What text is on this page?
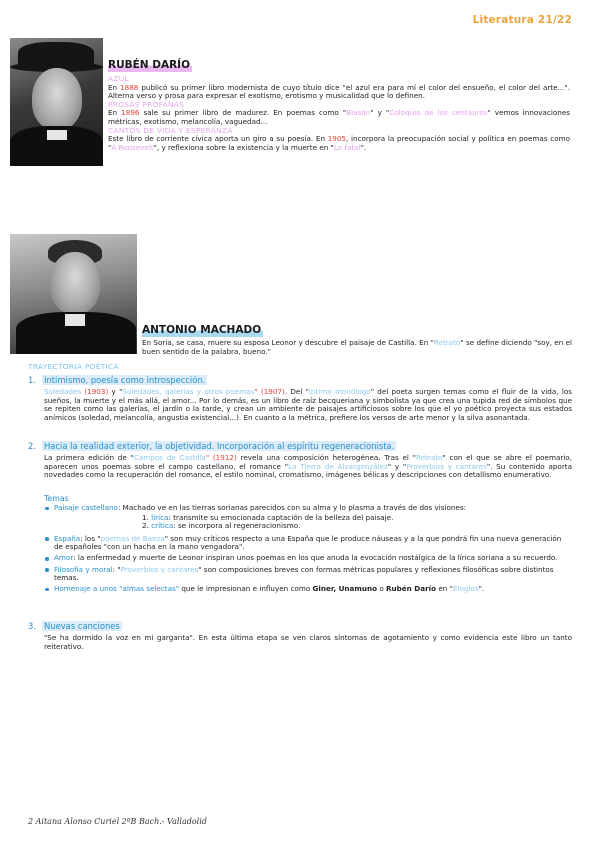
Literatura 21/22
RUBÉN DARÍO
AZUL
En 1888 publicó su primer libro modernista de cuyo título dice "el azul era para mí el color del ensueño, el color del arte...". Alterna verso y prosa para expresar el exotismo, erotismo y musicalidad que lo definen.
PROSAS PROFANAS
En 1896 sale su primer libro de madurez. En poemas como "Blasón" y "Coloquio de los centauros" vemos innovaciones métricas, exotismo, melancolía, vaguedad...
CANTOS DE VIDA Y ESPERANZA
Este libro de corriente cívica aporta un giro a su poesía. En 1905, incorpora la preocupación social y política en poemas como "A Roosevelt", y reflexiona sobre la existencia y la muerte en "Lo fatal".
ANTONIO MACHADO
En Soria, se casa, muere su esposa Leonor y descubre el paisaje de Castilla. En "Retrato" se define diciendo "soy, en el buen sentido de la palabra, bueno."
TRAYECTORIA POÉTICA
1. Intimismo, poesía como introspección.
Soledades (1903) y "Soledades, galerías y otros poemas" (1907). Del "íntimo monólogo" del poeta surgen temas como el fluir de la vida, los sueños, la muerte y el más allá, el amor... Por lo demás, es un libro de raíz becqueriana y simbolista ya que crea una tupida red de símbolos que se repiten como las galerías, el jardín o la tarde, y crean un ambiente de paisajes artificiosos sobre los que el yo poético proyecta sus estados anímicos (soledad, melancolía, angustia existencial...). En cuanto a la métrica, prefiere los versos de arte menor y la silva asonantada.
2. Hacia la realidad exterior, la objetividad. Incorporación al espíritu regeneracionista.
La primera edición de "Campos de Castilla" (1912) revela una composición heterogénea. Tras el "Retrato" con el que se abre el poemario, aparecen unos poemas sobre el campo castellano, el romance "La Tierra de Alvargonzález" y "Proverbios y cantares". Su contenido aporta novedades como la recuperación del romance, el estilo nominal, cromatismo, imágenes bélicas y descripciones con detallismo enumerativo.
Temas
Paisaje castellano: Machado ve en las tierras sorianas parecidos con su alma y lo plasma a través de dos visiones:
1. lírica: transmite su emocionada captación de la belleza del paisaje.
2. crítica: se incorpora al regeneracionismo.
España: los "poemas de Baeza" son muy críticos respecto a una España que le produce náuseas y a la que pondrá fin una nueva generación de españoles "con un hacha en la mano vengadora".
Amor: la enfermedad y muerte de Leonor inspiran unos poemas en los que anuda la evocación nostálgica de la lírica soriana a su recuerdo.
Filosofía y moral: "Proverbios y cantares" son composiciones breves con formas métricas populares y reflexiones filosóficas sobre distintos temas.
Homenaje a unos "almas selectas" que le impresionan e influyen como Giner, Unamuno o Rubén Darío en "Elogios".
3. Nuevas canciones
"Se ha dormido la voz en mi garganta". En esta última etapa se ven claros síntomas de agotamiento y como evidencia este libro un tanto reiterativo.
2 Aitana Alonso Curiel 2ºB Bach.- Valladolid
